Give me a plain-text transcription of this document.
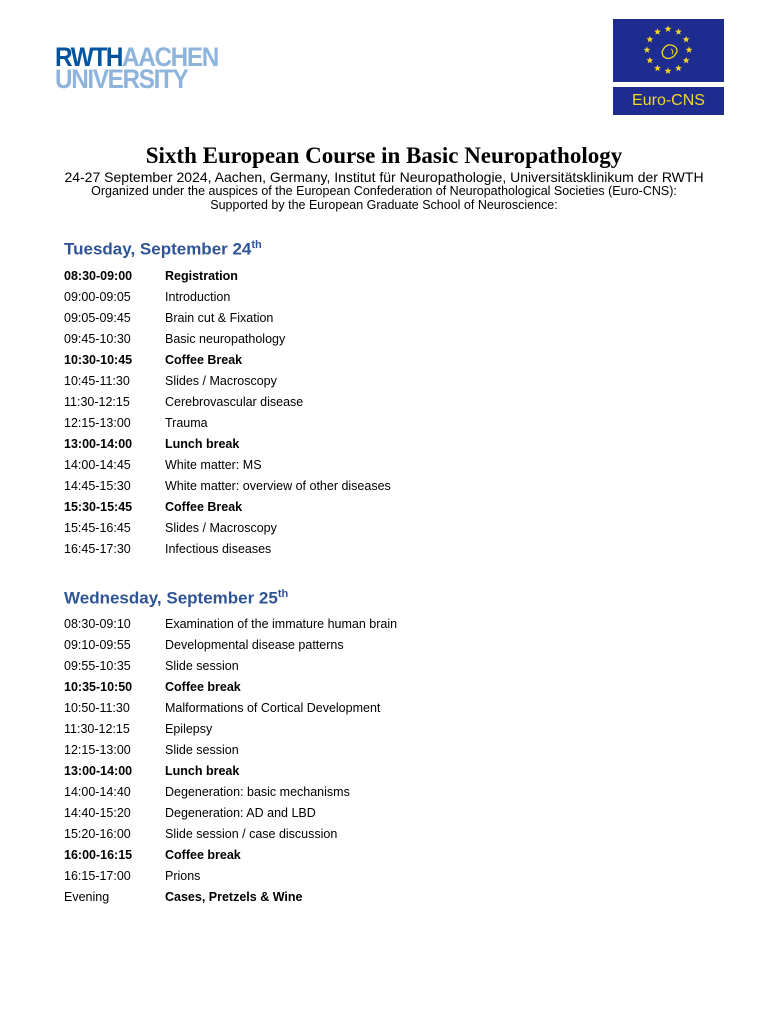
RWTHAACHEN
UNIVERSITY
Euro-CNS
Sixth European Course in Basic Neuropathology
24-27 September 2024, Aachen, Germany, Institut für Neuropathologie, Universitätsklinikum der RWTH
Organized under the auspices of the European Confederation of Neuropathological Societies (Euro-CNS):
Supported by the European Graduate School of Neuroscience:
Tuesday, September 24th
08:30-09:00	Registration
09:00-09:05	Introduction
09:05-09:45	Brain cut & Fixation
09:45-10:30	Basic neuropathology
10:30-10:45	Coffee Break
10:45-11:30	Slides / Macroscopy
11:30-12:15	Cerebrovascular disease
12:15-13:00	Trauma
13:00-14:00	Lunch break
14:00-14:45	White matter: MS
14:45-15:30	White matter: overview of other diseases
15:30-15:45	Coffee Break
15:45-16:45	Slides / Macroscopy
16:45-17:30	Infectious diseases
Wednesday, September 25th
08:30-09:10	Examination of the immature human brain
09:10-09:55	Developmental disease patterns
09:55-10:35	Slide session
10:35-10:50	Coffee break
10:50-11:30	Malformations of Cortical Development
11:30-12:15	Epilepsy
12:15-13:00	Slide session
13:00-14:00	Lunch break
14:00-14:40	Degeneration: basic mechanisms
14:40-15:20	Degeneration: AD and LBD
15:20-16:00	Slide session / case discussion
16:00-16:15	Coffee break
16:15-17:00	Prions
Evening	Cases, Pretzels & Wine
